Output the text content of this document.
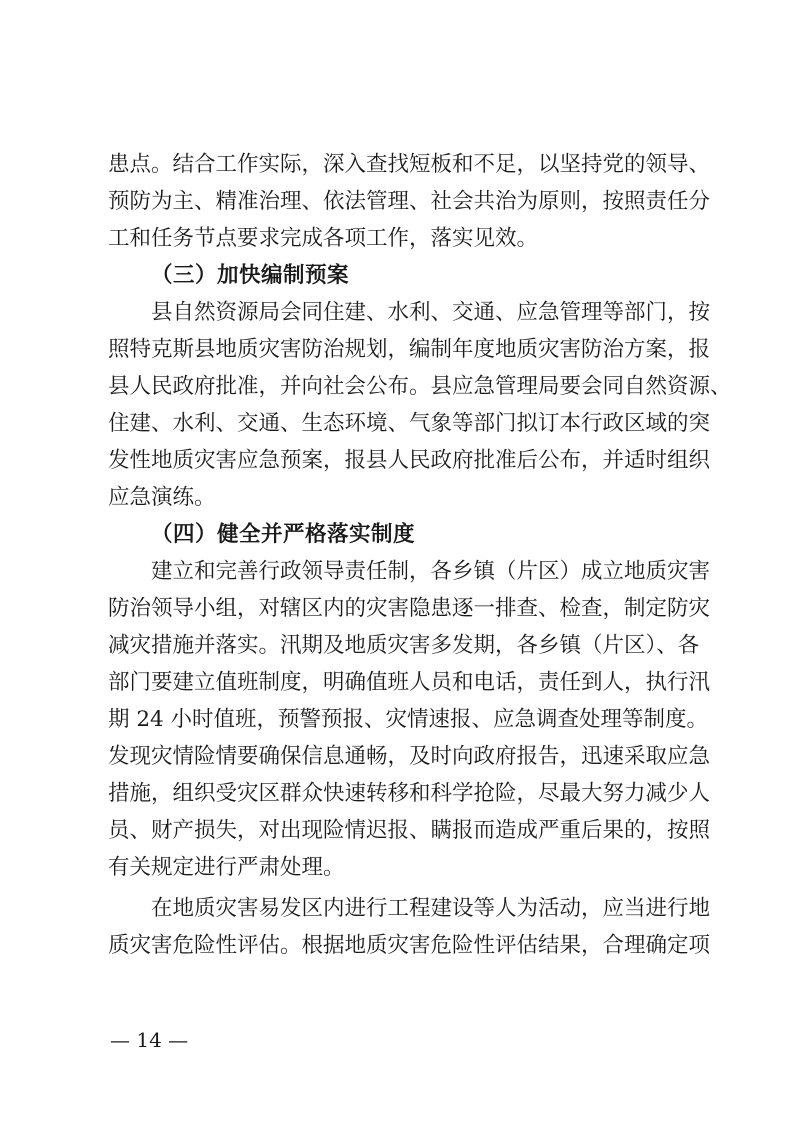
患点。结合工作实际，深入查找短板和不足，以坚持党的领导、
预防为主、精准治理、依法管理、社会共治为原则，按照责任分
工和任务节点要求完成各项工作，落实见效。
（三）加快编制预案
县自然资源局会同住建、水利、交通、应急管理等部门，按
照特克斯县地质灾害防治规划，编制年度地质灾害防治方案，报
县人民政府批准，并向社会公布。县应急管理局要会同自然资源、
住建、水利、交通、生态环境、气象等部门拟订本行政区域的突
发性地质灾害应急预案，报县人民政府批准后公布，并适时组织
应急演练。
（四）健全并严格落实制度
建立和完善行政领导责任制，各乡镇（片区）成立地质灾害
防治领导小组，对辖区内的灾害隐患逐一排查、检查，制定防灾
减灾措施并落实。汛期及地质灾害多发期，各乡镇（片区）、各
部门要建立值班制度，明确值班人员和电话，责任到人，执行汛
期 24 小时值班，预警预报、灾情速报、应急调查处理等制度。
发现灾情险情要确保信息通畅，及时向政府报告，迅速采取应急
措施，组织受灾区群众快速转移和科学抢险，尽最大努力减少人
员、财产损失，对出现险情迟报、瞒报而造成严重后果的，按照
有关规定进行严肃处理。
在地质灾害易发区内进行工程建设等人为活动，应当进行地
质灾害危险性评估。根据地质灾害危险性评估结果，合理确定项
— 14 —
